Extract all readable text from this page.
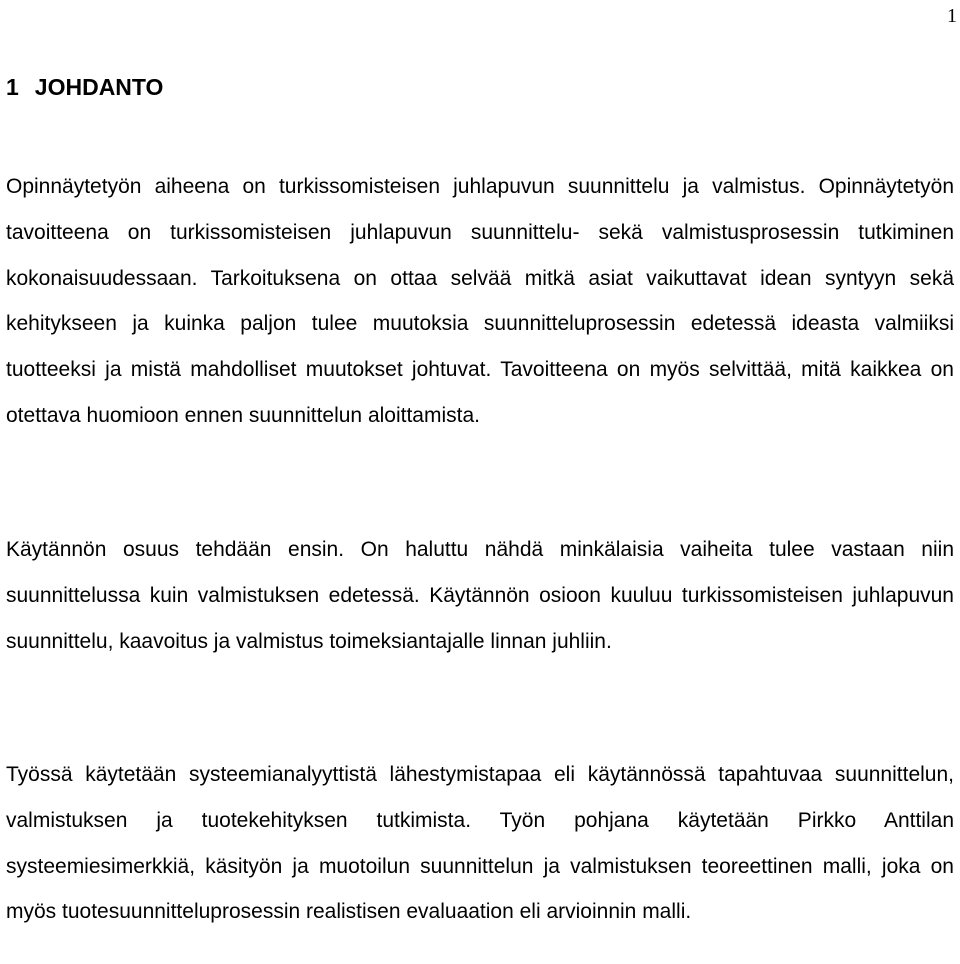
1
1 JOHDANTO

Opinnäytetyön aiheena on turkissomisteisen juhlapuvun suunnittelu ja valmistus. Opinnäytetyön tavoitteena on turkissomisteisen juhlapuvun suunnittelu- sekä valmistusprosessin tutkiminen kokonaisuudessaan. Tarkoituksena on ottaa selvää mitkä asiat vaikuttavat idean syntyyn sekä kehitykseen ja kuinka paljon tulee muutoksia suunnitteluprosessin edetessä ideasta valmiiksi tuotteeksi ja mistä mahdolliset muutokset johtuvat. Tavoitteena on myös selvittää, mitä kaikkea on otettava huomioon ennen suunnittelun aloittamista.

Käytännön osuus tehdään ensin. On haluttu nähdä minkälaisia vaiheita tulee vastaan niin suunnittelussa kuin valmistuksen edetessä. Käytännön osioon kuuluu turkissomisteisen juhlapuvun suunnittelu, kaavoitus ja valmistus toimeksiantajalle linnan juhliin.

Työssä käytetään systeemianalyyttistä lähestymistapaa eli käytännössä tapahtuvaa suunnittelun, valmistuksen ja tuotekehityksen tutkimista. Työn pohjana käytetään Pirkko Anttilan systeemiesimerkkiä, käsityön ja muotoilun suunnittelun ja valmistuksen teoreettinen malli, joka on myös tuotesuunnitteluprosessin realistisen evaluaation eli arvioinnin malli.
